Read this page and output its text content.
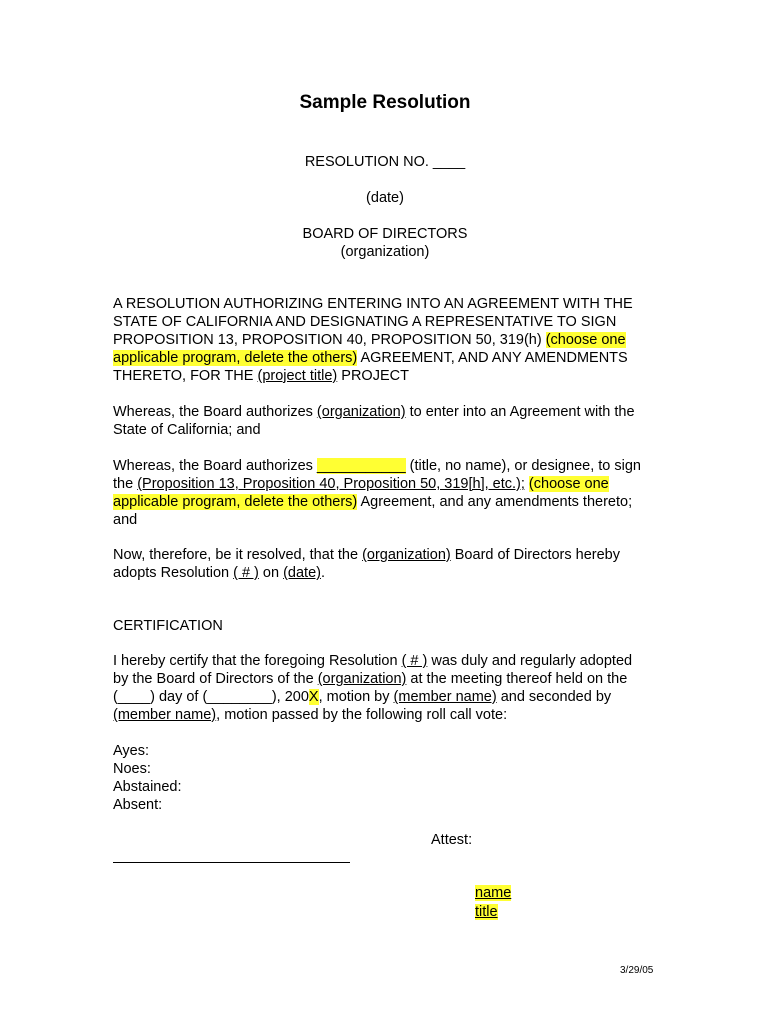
Sample Resolution
RESOLUTION NO. ____
(date)
BOARD OF DIRECTORS
(organization)
A RESOLUTION AUTHORIZING ENTERING INTO AN AGREEMENT WITH THE STATE OF CALIFORNIA AND DESIGNATING A REPRESENTATIVE TO SIGN PROPOSITION 13, PROPOSITION 40, PROPOSITION 50, 319(h) (choose one applicable program, delete the others) AGREEMENT, AND ANY AMENDMENTS THERETO, FOR THE (project title) PROJECT
Whereas, the Board authorizes (organization) to enter into an Agreement with the State of California; and
Whereas, the Board authorizes ___________ (title, no name), or designee, to sign the (Proposition 13, Proposition 40, Proposition 50, 319[h], etc.); (choose one applicable program, delete the others) Agreement, and any amendments thereto; and
Now, therefore, be it resolved, that the (organization) Board of Directors hereby adopts Resolution ( # ) on (date).
CERTIFICATION
I hereby certify that the foregoing Resolution ( # ) was duly and regularly adopted by the Board of Directors of the (organization) at the meeting thereof held on the (____) day of (________), 200X, motion by (member name) and seconded by (member name), motion passed by the following roll call vote:
Ayes:
Noes:
Abstained:
Absent:
Attest:
name
title
3/29/05
